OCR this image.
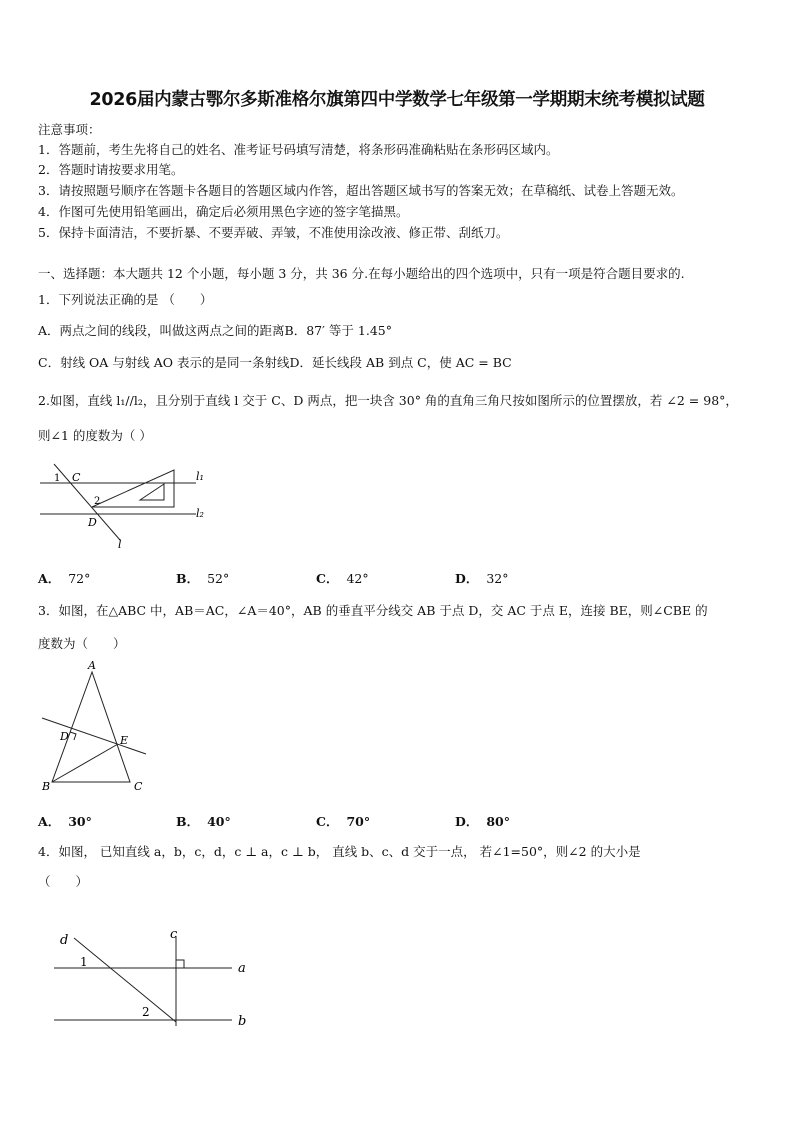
2026届内蒙古鄂尔多斯准格尔旗第四中学数学七年级第一学期期末统考模拟试题
注意事项：
1．答题前，考生先将自己的姓名、准考证号码填写清楚，将条形码准确粘贴在条形码区域内。
2．答题时请按要求用笔。
3．请按照题号顺序在答题卡各题目的答题区域内作答，超出答题区域书写的答案无效；在草稿纸、试卷上答题无效。
4．作图可先使用铅笔画出，确定后必须用黑色字迹的签字笔描黑。
5．保持卡面清洁，不要折暴、不要弄破、弄皱，不准使用涂改液、修正带、刮纸刀。
一、选择题：本大题共 12 个小题，每小题 3 分，共 36 分.在每小题给出的四个选项中，只有一项是符合题目要求的.
1．下列说法正确的是 （　　）
A．两点之间的线段，叫做这两点之间的距离B．87′ 等于 1.45°
C．射线 OA 与射线 AO 表示的是同一条射线D．延长线段 AB 到点 C，使 AC = BC
2.如图，直线 l₁//l₂，且分别于直线 l 交于 C、D 两点，把一块含 30° 角的直角三角尺按如图所示的位置摆放，若 ∠2 = 98°，
则∠1 的度数为（ ）
l₁
l₂
l
C
D
1
2
A． 72°	B． 52°	C． 42°	D． 32°
3．如图，在△ABC 中，AB＝AC，∠A＝40°，AB 的垂直平分线交 AB 于点 D，交 AC 于点 E，连接 BE，则∠CBE 的
度数为（　　）
A
B	C
D	E
A． 30°	B． 40°	C． 70°	D． 80°
4．如图， 已知直线 a，b，c，d，c ⊥ a，c ⊥ b， 直线 b、c、d 交于一点， 若∠1=50°，则∠2 的大小是
（　　）
a
b
c
d
1
2
